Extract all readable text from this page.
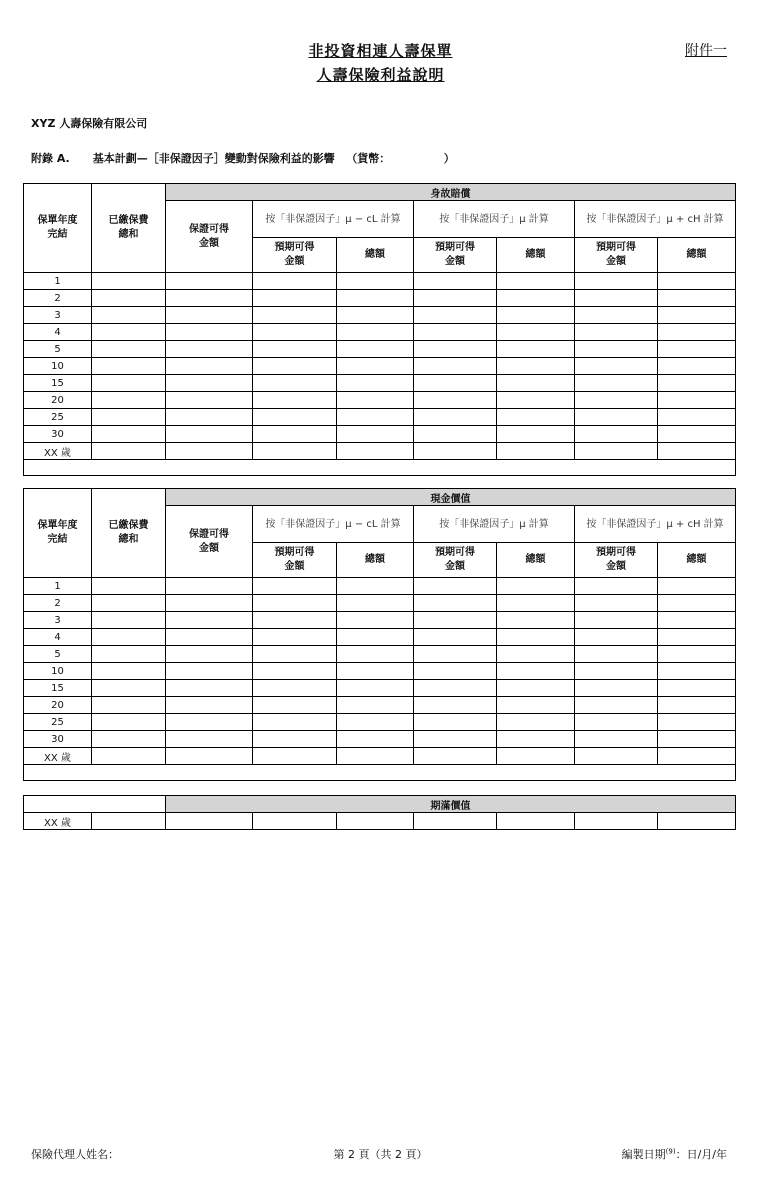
非投資相連人壽保單
人壽保險利益說明
附件一
XYZ 人壽保險有限公司
附錄 A.      基本計劃—［非保證因子］變動對保險利益的影響   （貨幣：              ）
保單年度完結	已繳保費總和	身故賠償						
		保證可得金額	按「非保證因子」μ − cL 計算		按「非保證因子」μ 計算		按「非保證因子」μ + cH 計算	
			預期可得金額	總額	預期可得金額	總額	預期可得金額	總額
1								
2								
3								
4								
5								
10								
15								
20								
25								
30								
XX 歲								

保單年度完結	已繳保費總和	現金價值						
		保證可得金額	按「非保證因子」μ − cL 計算		按「非保證因子」μ 計算		按「非保證因子」μ + cH 計算	
			預期可得金額	總額	預期可得金額	總額	預期可得金額	總額
1								
2								
3								
4								
5								
10								
15								
20								
25								
30								
XX 歲								

		期滿價值						
XX 歲								
保險代理人姓名：	第 2 頁（共 2 頁）	編製日期$^{(9)}$：日/月/年
